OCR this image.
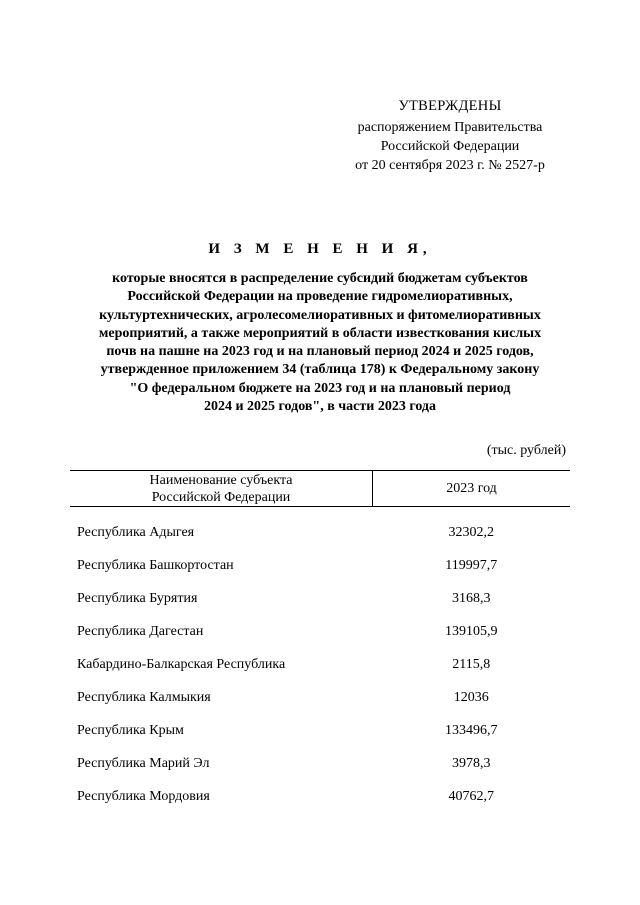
УТВЕРЖДЕНЫ
распоряжением Правительства
Российской Федерации
от 20 сентября 2023 г. № 2527-р
И З М Е Н Е Н И Я,
которые вносятся в распределение субсидий бюджетам субъектов
Российской Федерации на проведение гидромелиоративных,
культуртехнических, агролесомелиоративных и фитомелиоративных
мероприятий, а также мероприятий в области известкования кислых
почв на пашне на 2023 год и на плановый период 2024 и 2025 годов,
утвержденное приложением 34 (таблица 178) к Федеральному закону
"О федеральном бюджете на 2023 год и на плановый период
2024 и 2025 годов", в части 2023 года
(тыс. рублей)
Наименование субъекта
Российской Федерации	2023 год
Республика Адыгея	32302,2
Республика Башкортостан	119997,7
Республика Бурятия	3168,3
Республика Дагестан	139105,9
Кабардино-Балкарская Республика	2115,8
Республика Калмыкия	12036
Республика Крым	133496,7
Республика Марий Эл	3978,3
Республика Мордовия	40762,7
